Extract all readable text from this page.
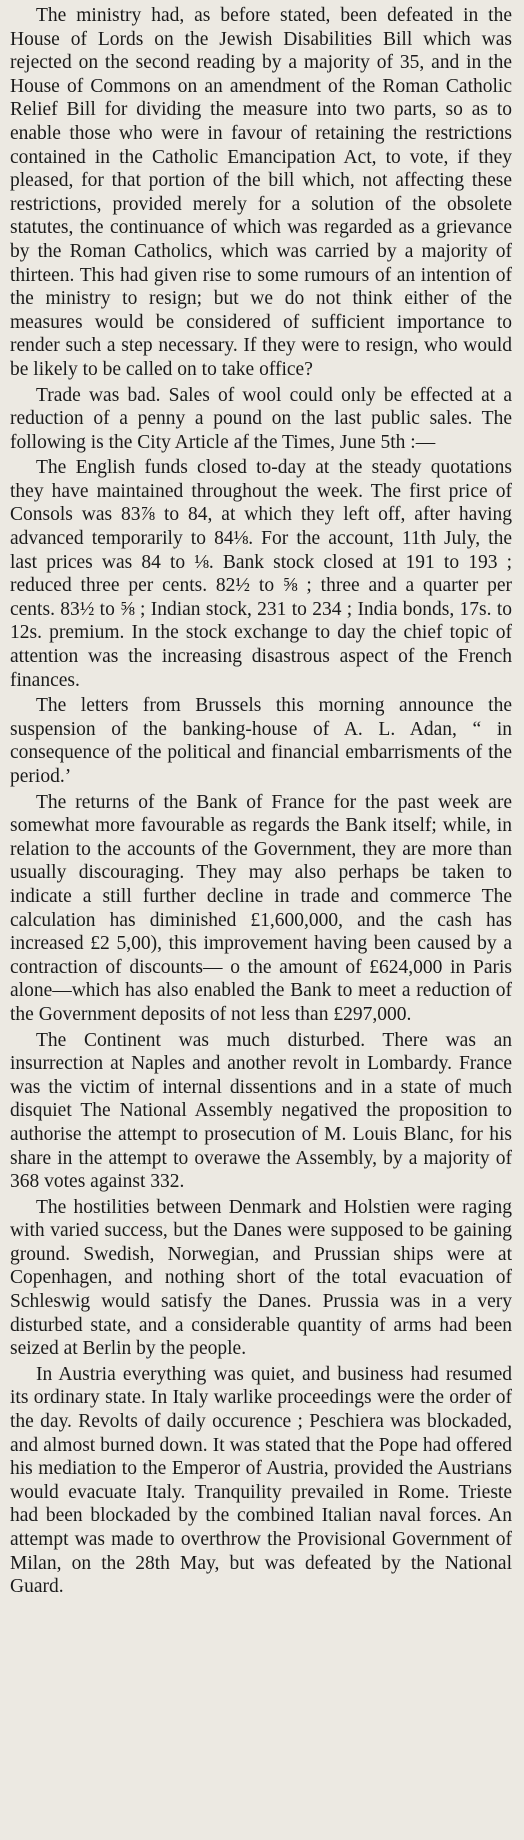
The ministry had, as before stated, been defeated in the House of Lords on the Jewish Disabilities Bill which was rejected on the second reading by a majority of 35, and in the House of Commons on an amendment of the Roman Catholic Relief Bill for dividing the measure into two parts, so as to enable those who were in favour of retaining the restrictions contained in the Catholic Emancipation Act, to vote, if they pleased, for that portion of the bill which, not affecting these restrictions, provided merely for a solution of the obsolete statutes, the continuance of which was regarded as a grievance by the Roman Catholics, which was carried by a majority of thirteen. This had given rise to some rumours of an intention of the ministry to resign; but we do not think either of the measures would be considered of sufficient importance to render such a step necessary. If they were to resign, who would be likely to be called on to take office?

Trade was bad. Sales of wool could only be effected at a reduction of a penny a pound on the last public sales. The following is the City Article af the Times, June 5th :—

The English funds closed to-day at the steady quotations they have maintained throughout the week. The first price of Consols was 83⅞ to 84, at which they left off, after having advanced temporarily to 84⅛. For the account, 11th July, the last prices was 84 to ⅛. Bank stock closed at 191 to 193 ; reduced three per cents. 82½ to ⅝ ; three and a quarter per cents. 83½ to ⅝ ; Indian stock, 231 to 234 ; India bonds, 17s. to 12s. premium. In the stock exchange to day the chief topic of attention was the increasing disastrous aspect of the French finances.

The letters from Brussels this morning announce the suspension of the banking-house of A. L. Adan, “ in consequence of the political and financial embarrisments of the period.’

The returns of the Bank of France for the past week are somewhat more favourable as regards the Bank itself; while, in relation to the accounts of the Government, they are more than usually discouraging. They may also perhaps be taken to indicate a still further decline in trade and commerce The calculation has diminished £1,600,000, and the cash has increased £2 5,00), this improvement having been caused by a contraction of discounts— o the amount of £624,000 in Paris alone—which has also enabled the Bank to meet a reduction of the Government deposits of not less than £297,000.

The Continent was much disturbed. There was an insurrection at Naples and another revolt in Lombardy. France was the victim of internal dissentions and in a state of much disquiet The National Assembly negatived the proposition to authorise the attempt to prosecution of M. Louis Blanc, for his share in the attempt to overawe the Assembly, by a majority of 368 votes against 332.

The hostilities between Denmark and Holstien were raging with varied success, but the Danes were supposed to be gaining ground. Swedish, Norwegian, and Prussian ships were at Copenhagen, and nothing short of the total evacuation of Schleswig would satisfy the Danes. Prussia was in a very disturbed state, and a considerable quantity of arms had been seized at Berlin by the people.

In Austria everything was quiet, and business had resumed its ordinary state. In Italy warlike proceedings were the order of the day. Revolts of daily occurence ; Peschiera was blockaded, and almost burned down. It was stated that the Pope had offered his mediation to the Emperor of Austria, provided the Austrians would evacuate Italy. Tranquility prevailed in Rome. Trieste had been blockaded by the combined Italian naval forces. An attempt was made to overthrow the Provisional Government of Milan, on the 28th May, but was defeated by the National Guard.
